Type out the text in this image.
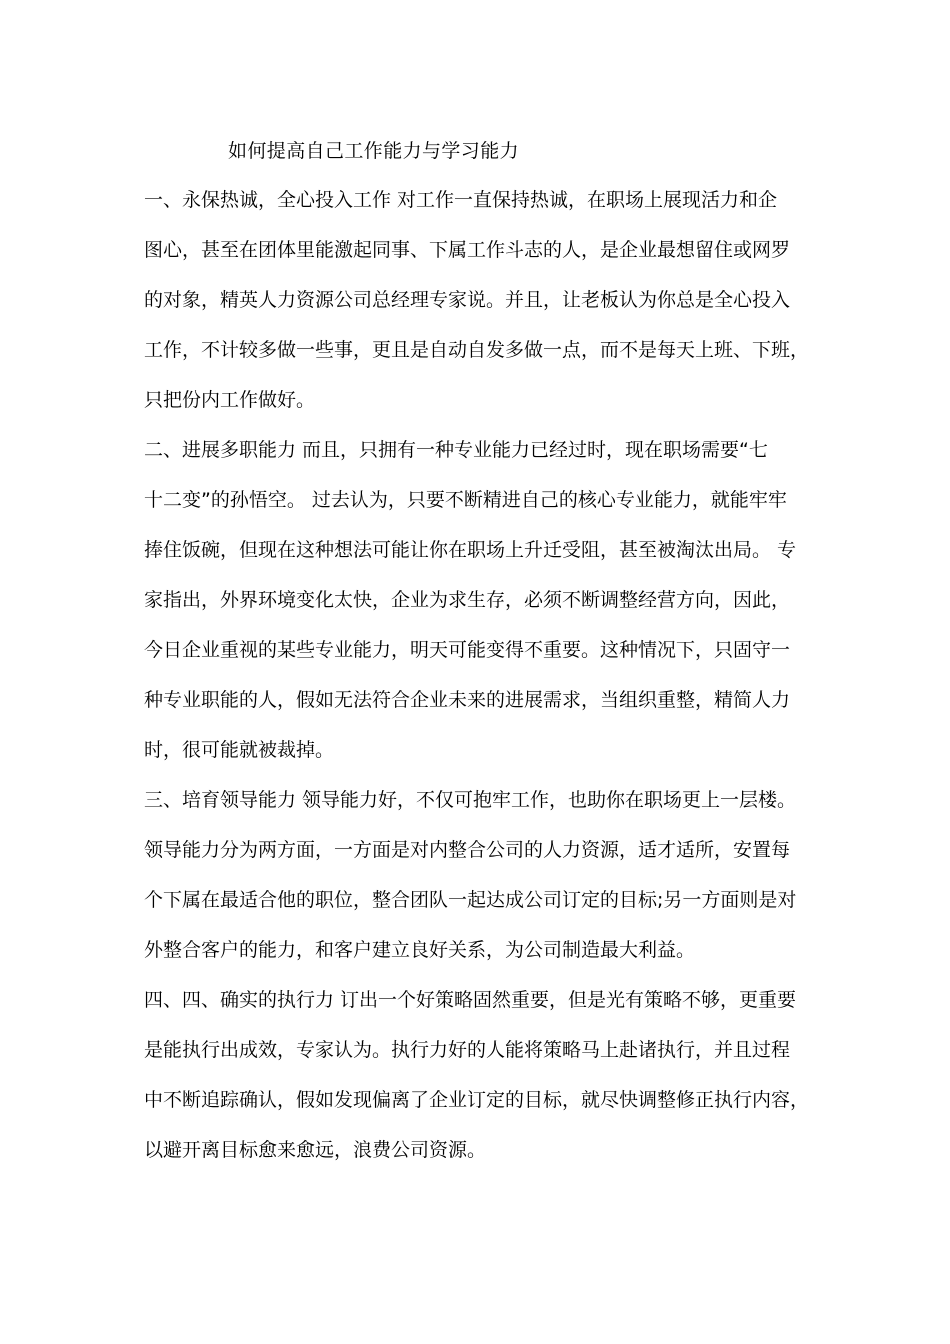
如何提高自己工作能力与学习能力
一、永保热诚，全心投入工作 对工作一直保持热诚，在职场上展现活力和企
图心，甚至在团体里能激起同事、下属工作斗志的人，是企业最想留住或网罗
的对象，精英人力资源公司总经理专家说。并且，让老板认为你总是全心投入
工作，不计较多做一些事，更且是自动自发多做一点，而不是每天上班、下班，
只把份内工作做好。
二、进展多职能力 而且，只拥有一种专业能力已经过时，现在职场需要“七
十二变”的孙悟空。 过去认为，只要不断精进自己的核心专业能力，就能牢牢
捧住饭碗，但现在这种想法可能让你在职场上升迁受阻，甚至被淘汰出局。 专
家指出，外界环境变化太快，企业为求生存，必须不断调整经营方向，因此，
今日企业重视的某些专业能力，明天可能变得不重要。这种情况下，只固守一
种专业职能的人，假如无法符合企业未来的进展需求，当组织重整，精简人力
时，很可能就被裁掉。
三、培育领导能力 领导能力好，不仅可抱牢工作，也助你在职场更上一层楼。
领导能力分为两方面，一方面是对内整合公司的人力资源，适才适所，安置每
个下属在最适合他的职位，整合团队一起达成公司订定的目标;另一方面则是对
外整合客户的能力，和客户建立良好关系，为公司制造最大利益。
四、四、确实的执行力 订出一个好策略固然重要，但是光有策略不够，更重要
是能执行出成效，专家认为。执行力好的人能将策略马上赴诸执行，并且过程
中不断追踪确认，假如发现偏离了企业订定的目标，就尽快调整修正执行内容，
以避开离目标愈来愈远，浪费公司资源。
